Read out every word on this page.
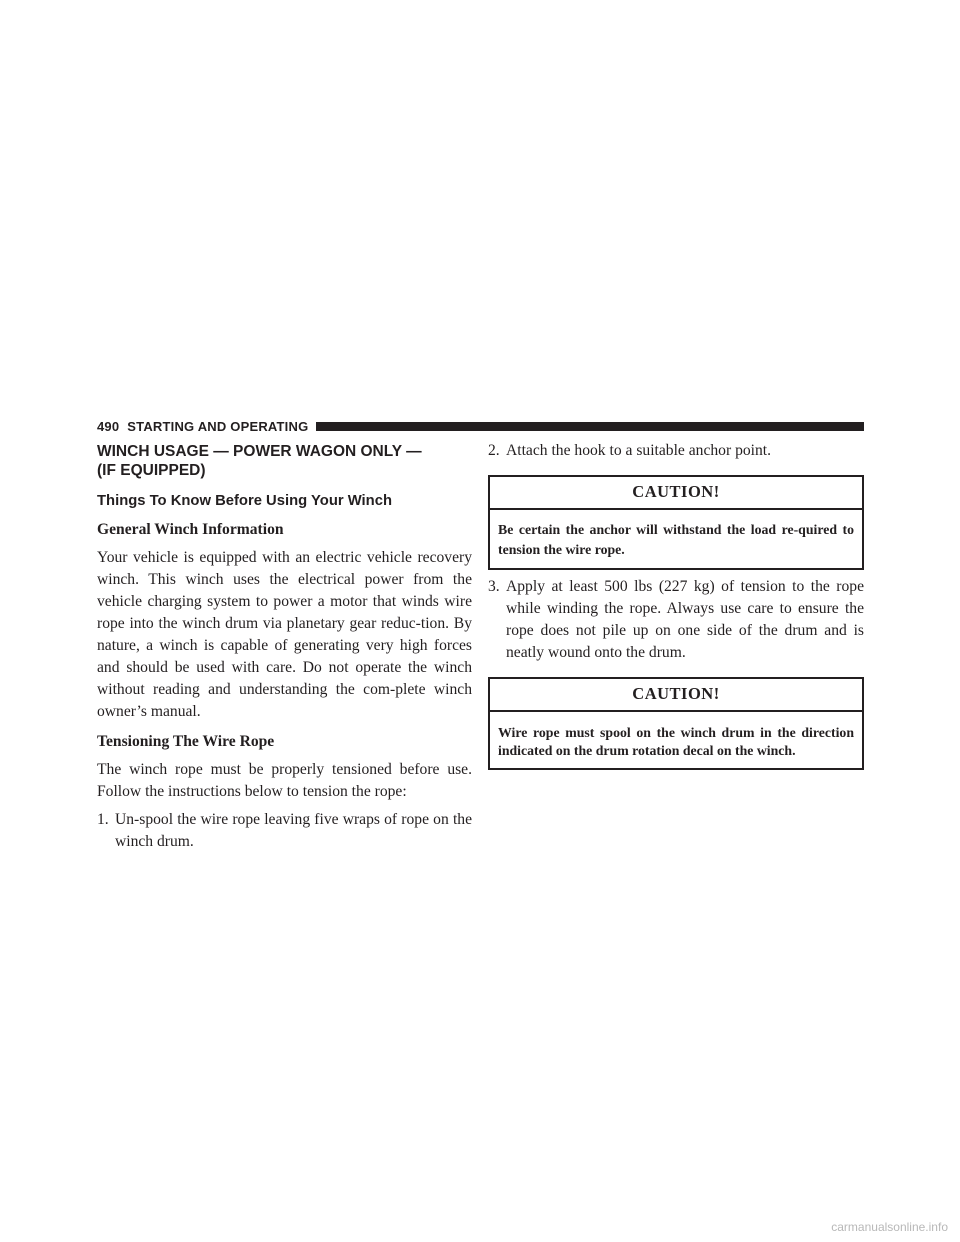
490 STARTING AND OPERATING
WINCH USAGE — POWER WAGON ONLY —
(IF EQUIPPED)
Things To Know Before Using Your Winch
General Winch Information

Your vehicle is equipped with an electric vehicle recovery winch. This winch uses the electrical power from the vehicle charging system to power a motor that winds wire rope into the winch drum via planetary gear reduc-tion. By nature, a winch is capable of generating very high forces and should be used with care. Do not operate the winch without reading and understanding the com-plete winch owner’s manual.

Tensioning The Wire Rope

The winch rope must be properly tensioned before use. Follow the instructions below to tension the rope:

1. Un-spool the wire rope leaving five wraps of rope on the winch drum.
2. Attach the hook to a suitable anchor point.
CAUTION!
Be certain the anchor will withstand the load re-quired to tension the wire rope.
3. Apply at least 500 lbs (227 kg) of tension to the rope while winding the rope. Always use care to ensure the rope does not pile up on one side of the drum and is neatly wound onto the drum.
CAUTION!
Wire rope must spool on the winch drum in the direction indicated on the drum rotation decal on the winch.
carmanualsonline.info
